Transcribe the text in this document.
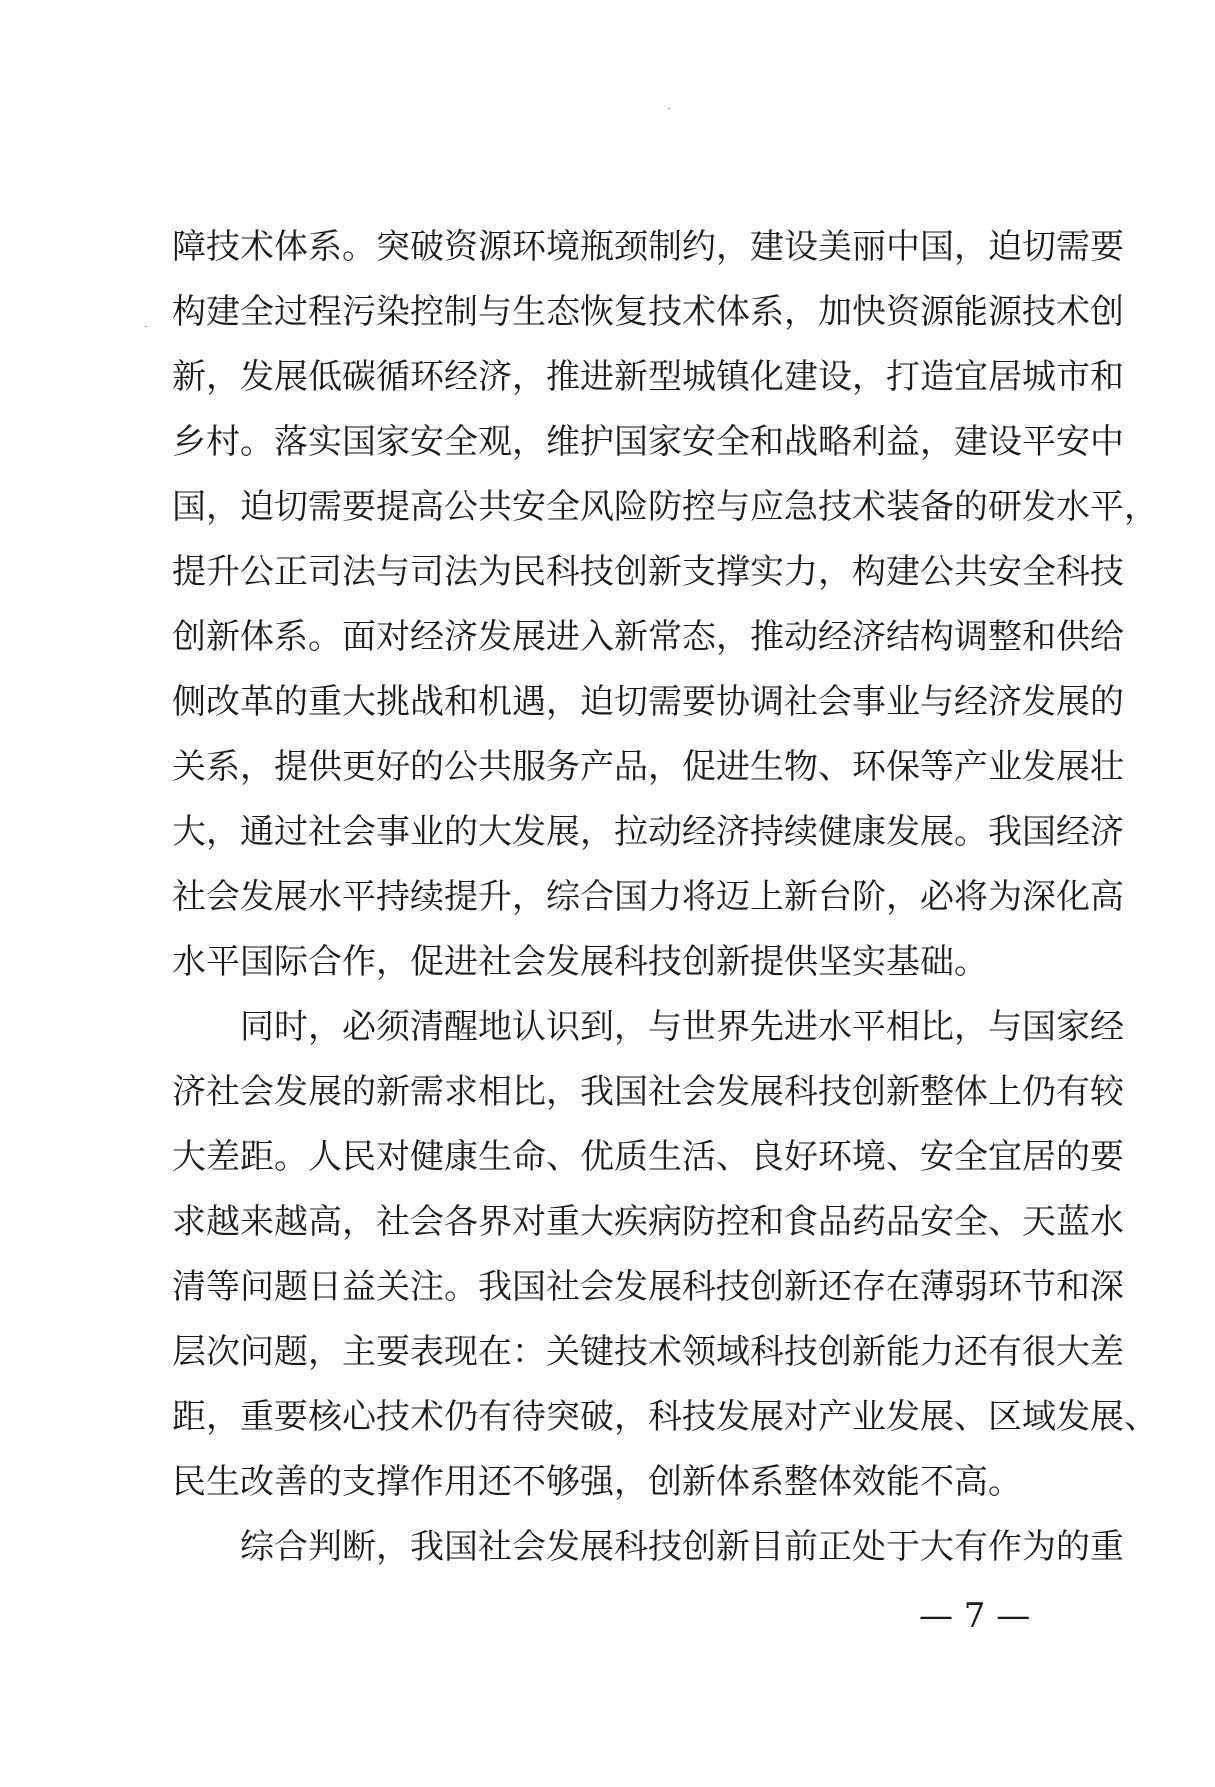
障技术体系。突破资源环境瓶颈制约，建设美丽中国，迫切需要
构建全过程污染控制与生态恢复技术体系，加快资源能源技术创
新，发展低碳循环经济，推进新型城镇化建设，打造宜居城市和
乡村。落实国家安全观，维护国家安全和战略利益，建设平安中
国，迫切需要提高公共安全风险防控与应急技术装备的研发水平，
提升公正司法与司法为民科技创新支撑实力，构建公共安全科技
创新体系。面对经济发展进入新常态，推动经济结构调整和供给
侧改革的重大挑战和机遇，迫切需要协调社会事业与经济发展的
关系，提供更好的公共服务产品，促进生物、环保等产业发展壮
大，通过社会事业的大发展，拉动经济持续健康发展。我国经济
社会发展水平持续提升，综合国力将迈上新台阶，必将为深化高
水平国际合作，促进社会发展科技创新提供坚实基础。
同时，必须清醒地认识到，与世界先进水平相比，与国家经
济社会发展的新需求相比，我国社会发展科技创新整体上仍有较
大差距。人民对健康生命、优质生活、良好环境、安全宜居的要
求越来越高，社会各界对重大疾病防控和食品药品安全、天蓝水
清等问题日益关注。我国社会发展科技创新还存在薄弱环节和深
层次问题，主要表现在：关键技术领域科技创新能力还有很大差
距，重要核心技术仍有待突破，科技发展对产业发展、区域发展、
民生改善的支撑作用还不够强，创新体系整体效能不高。
综合判断，我国社会发展科技创新目前正处于大有作为的重
— 7 —
